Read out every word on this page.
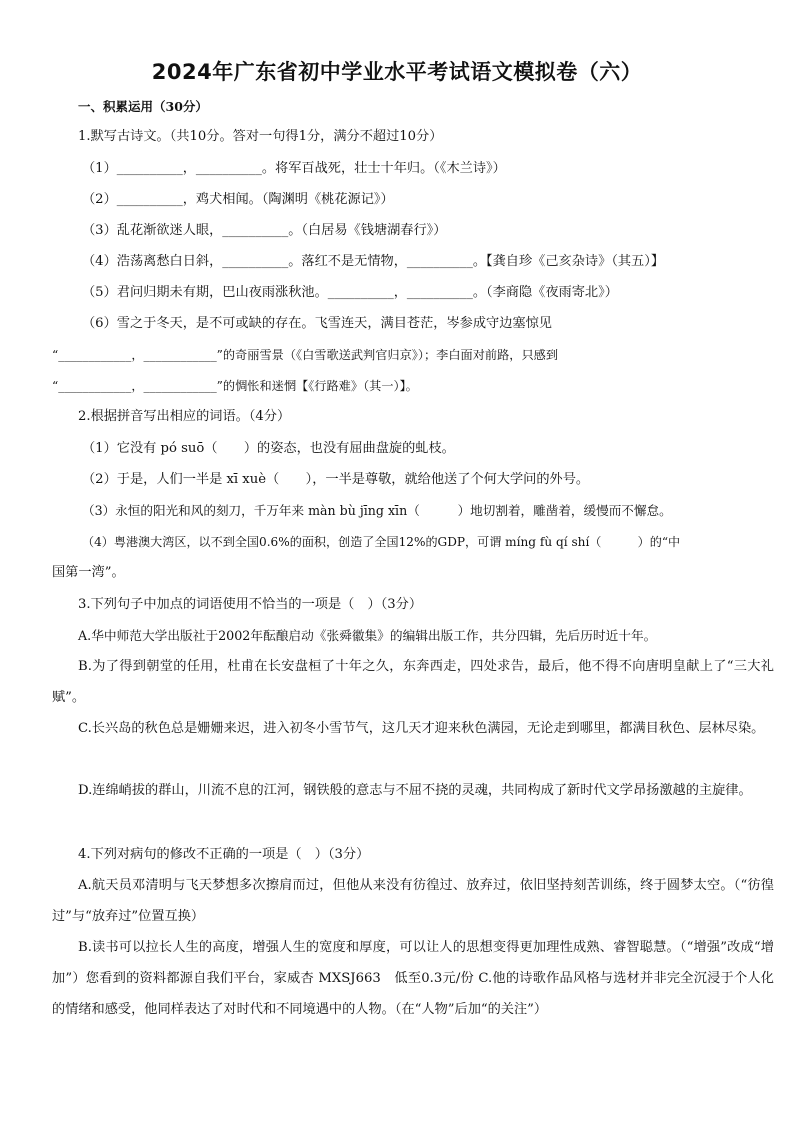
2024年广东省初中学业水平考试语文模拟卷（六）
一、积累运用（30分）
1.默写古诗文。（共10分。答对一句得1分，满分不超过10分）
（1）__________，__________。将军百战死，壮士十年归。（《木兰诗》）
（2）__________，鸡犬相闻。（陶渊明《桃花源记》）
（3）乱花渐欲迷人眼，__________。（白居易《钱塘湖春行》）
（4）浩荡离愁白日斜，__________。落红不是无情物，__________。【龚自珍《己亥杂诗》（其五）】
（5）君问归期未有期，巴山夜雨涨秋池。__________，__________。（李商隐《夜雨寄北》）
（6）雪之于冬天，是不可或缺的存在。飞雪连天，满目苍茫，岑参成守边塞惊见
“____________，____________”的奇丽雪景（《白雪歌送武判官归京》）；李白面对前路，只感到
“____________，____________”的惆怅和迷惘【《行路难》（其一）】。
2.根据拼音写出相应的词语。（4分）
（1）它没有 pó suō（　　）的姿态，也没有屈曲盘旋的虬枝。
（2）于是，人们一半是 xī xuè（　　），一半是尊敬，就给他送了个何大学问的外号。
（3）永恒的阳光和风的刻刀，千万年来 màn bù jīng xīn（　　　）地切割着，雕凿着，缓慢而不懈怠。
（4）粤港澳大湾区，以不到全国0.6%的面积，创造了全国12%的GDP，可谓 míng fù qí shí（　　　）的“中
国第一湾”。
3.下列句子中加点的词语使用不恰当的一项是（　）（3分）
A.华中师范大学出版社于2002年酝酿启动《张舜徽集》的编辑出版工作，共分四辑，先后历时近十年。
B.为了得到朝堂的任用，杜甫在长安盘桓了十年之久，东奔西走，四处求告，最后，他不得不向唐明皇献上了“三大礼赋”。
C.长兴岛的秋色总是姗姗来迟，进入初冬小雪节气，这几天才迎来秋色满园，无论走到哪里，都满目秋色、层林尽染。
D.连绵峭拔的群山，川流不息的江河，钢铁般的意志与不屈不挠的灵魂，共同构成了新时代文学昂扬激越的主旋律。
4.下列对病句的修改不正确的一项是（　）（3分）
A.航天员邓清明与飞天梦想多次擦肩而过，但他从来没有彷徨过、放弃过，依旧坚持刻苦训练，终于圆梦太空。（“彷徨过”与“放弃过”位置互换）
B.读书可以拉长人生的高度，增强人生的宽度和厚度，可以让人的思想变得更加理性成熟、睿智聪慧。（“增强”改成“增加”）您看到的资料都源自我们平台，家威杏 MXSJ663　低至0.3元/份 C.他的诗歌作品风格与选材并非完全沉浸于个人化的情绪和感受，他同样表达了对时代和不同境遇中的人物。（在“人物”后加“的关注”）
